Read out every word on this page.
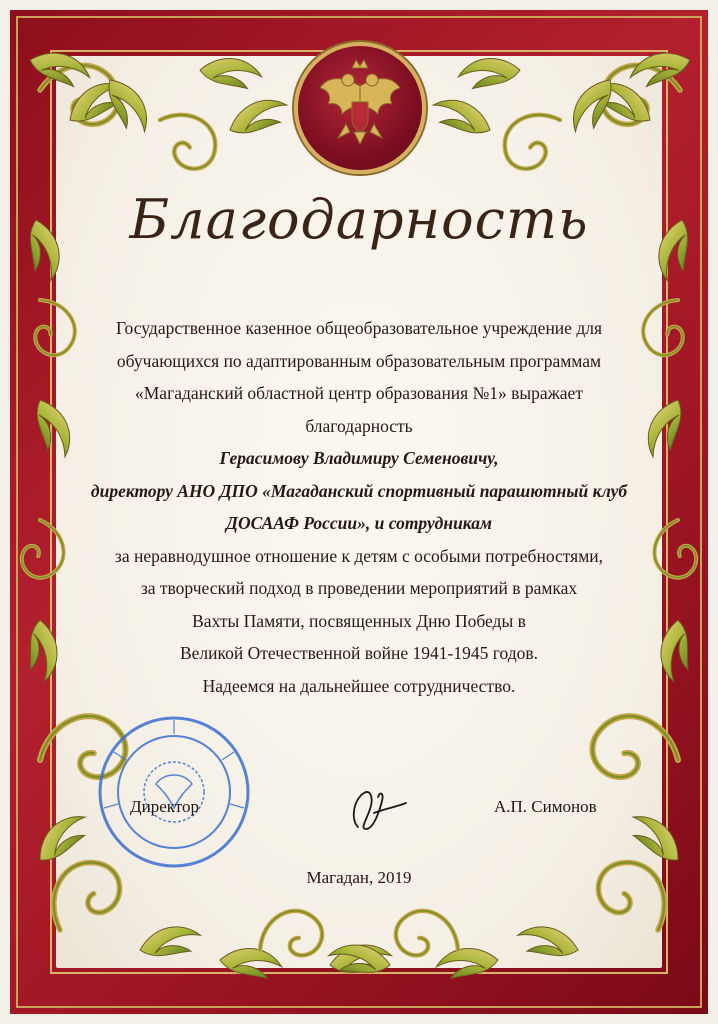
Благодарность
Государственное казенное общеобразовательное учреждение для
обучающихся по адаптированным образовательным программам
«Магаданский областной центр образования №1» выражает
благодарность
Герасимову Владимиру Семеновичу,
директору АНО ДПО «Магаданский спортивный парашютный клуб
ДОСААФ России», и сотрудникам
за неравнодушное отношение к детям с особыми потребностями,
за творческий подход в проведении мероприятий в рамках
Вахты Памяти, посвященных Дню Победы в
Великой Отечественной войне 1941-1945 годов.
Надеемся на дальнейшее сотрудничество.
Директор	А.П. Симонов
Магадан, 2019
